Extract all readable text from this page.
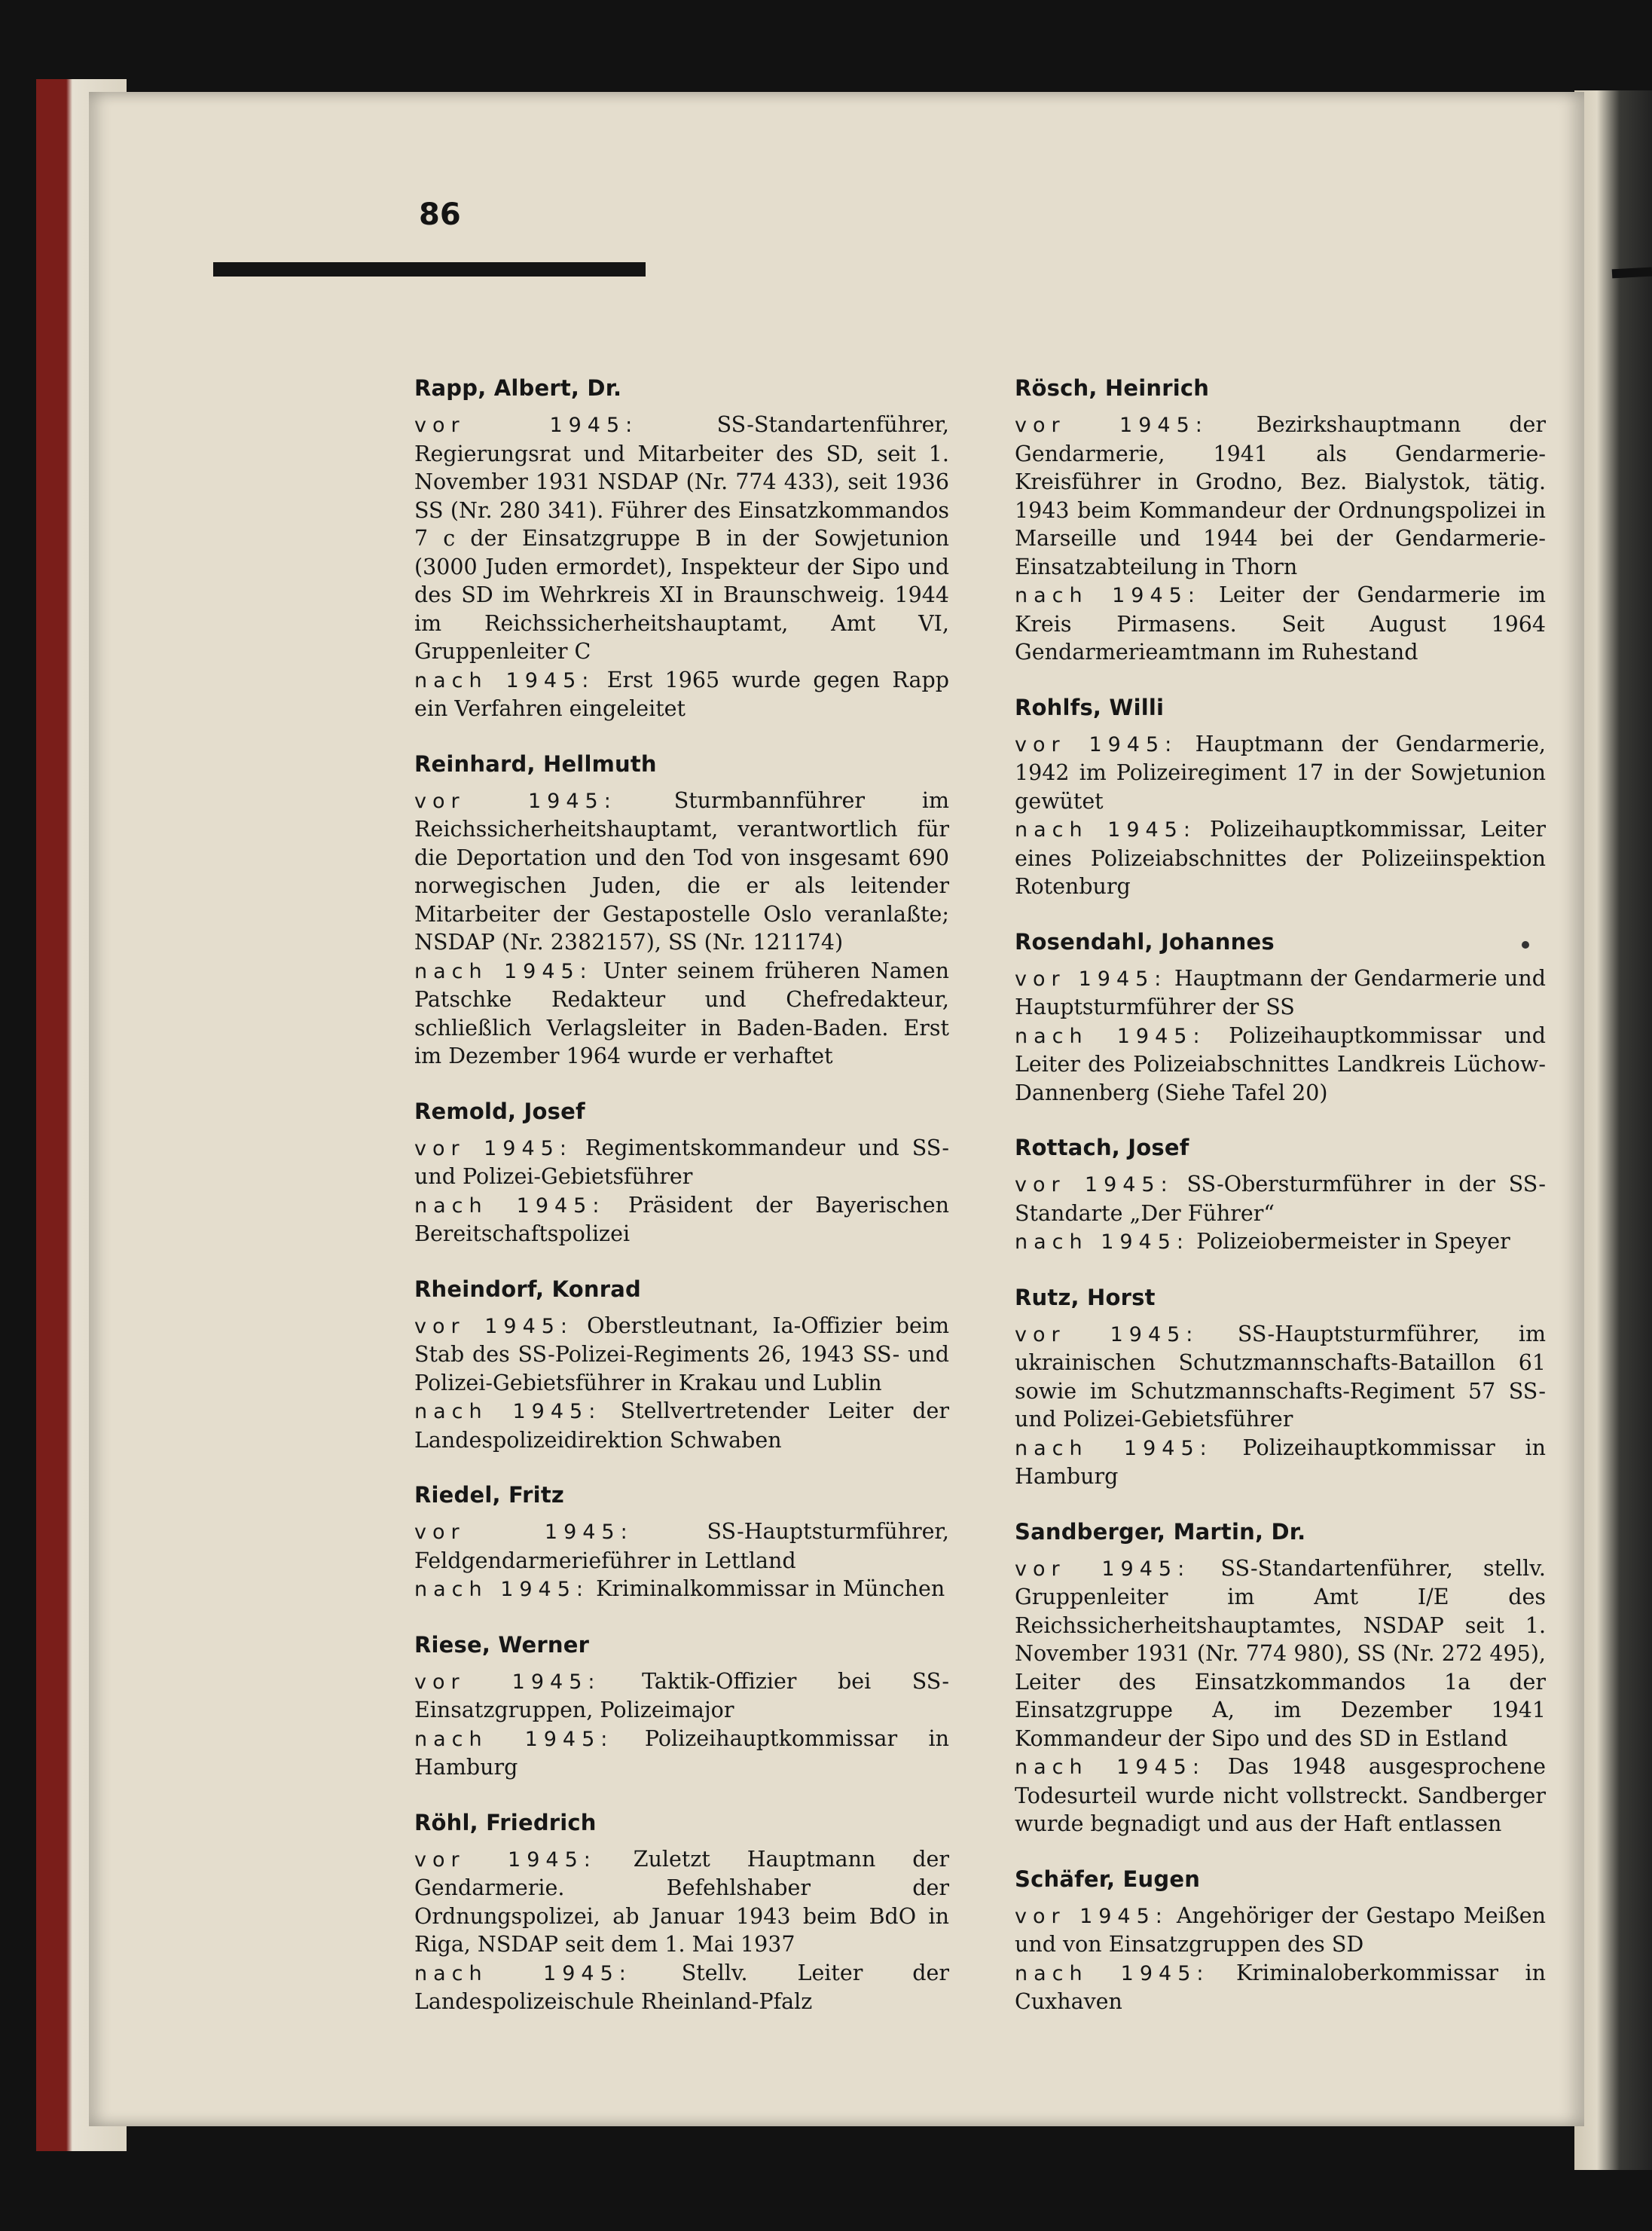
86
Rapp, Albert, Dr.

vor 1945:	SS-Standartenführer, Regierungsrat und Mitarbeiter des SD, seit 1. November 1931 NSDAP (Nr. 774 433), seit 1936 SS (Nr. 280 341). Führer des Einsatzkommandos 7 c der Einsatzgruppe B in der Sowjetunion (3000 Juden ermordet), Inspekteur der Sipo und des SD im Wehrkreis XI in Braunschweig. 1944 im Reichssicherheitshauptamt, Amt VI, Gruppenleiter C

nach 1945: Erst 1965 wurde gegen Rapp ein Verfahren eingeleitet

Reinhard, Hellmuth

vor 1945:	Sturmbannführer im Reichssicherheitshauptamt, verantwortlich für die Deportation und den Tod von insgesamt 690 norwegischen Juden, die er als leitender Mitarbeiter der Gestapostelle Oslo veranlaßte; NSDAP (Nr. 2382157), SS (Nr. 121174)

nach 1945: Unter seinem früheren Namen Patschke Redakteur und Chefredakteur, schließlich Verlagsleiter in Baden-Baden. Erst im Dezember 1964 wurde er verhaftet

Remold, Josef

vor 1945: Regimentskommandeur und SS- und Polizei-Gebietsführer

nach 1945: Präsident der Bayerischen Bereitschaftspolizei

Rheindorf, Konrad

vor 1945: Oberstleutnant, Ia-Offizier beim Stab des SS-Polizei-Regiments 26, 1943 SS- und Polizei-Gebietsführer in Krakau und Lublin

nach 1945: Stellvertretender Leiter der Landespolizeidirektion Schwaben

Riedel, Fritz

vor 1945:	SS-Hauptsturmführer, Feldgendarmerieführer in Lettland

nach 1945: Kriminalkommissar in München

Riese, Werner

vor 1945: Taktik-Offizier bei SS-Einsatzgruppen, Polizeimajor

nach 1945: Polizeihauptkommissar in Hamburg

Röhl, Friedrich

vor 1945: Zuletzt Hauptmann der Gendarmerie. Befehlshaber der Ordnungspolizei, ab Januar 1943 beim BdO in Riga, NSDAP seit dem 1. Mai 1937

nach 1945: Stellv. Leiter der Landespolizeischule Rheinland-Pfalz

Rösch, Heinrich

vor 1945: Bezirkshauptmann der Gendarmerie, 1941 als Gendarmerie-Kreisführer in Grodno, Bez. Bialystok, tätig. 1943 beim Kommandeur der Ordnungspolizei in Marseille und 1944 bei der Gendarmerie-Einsatzabteilung in Thorn

nach 1945: Leiter der Gendarmerie im Kreis Pirmasens. Seit August 1964 Gendarmerieamtmann im Ruhestand

Rohlfs, Willi

vor 1945: Hauptmann der Gendarmerie, 1942 im Polizeiregiment 17 in der Sowjetunion gewütet

nach 1945: Polizeihauptkommissar, Leiter eines Polizeiabschnittes der Polizeiinspektion Rotenburg

Rosendahl, Johannes

vor 1945: Hauptmann der Gendarmerie und Hauptsturmführer der SS

nach 1945: Polizeihauptkommissar und Leiter des Polizeiabschnittes Landkreis Lüchow-Dannenberg (Siehe Tafel 20)

Rottach, Josef

vor 1945: SS-Obersturmführer in der SS-Standarte „Der Führer“

nach 1945: Polizeiobermeister in Speyer

Rutz, Horst

vor 1945: SS-Hauptsturmführer, im ukrainischen Schutzmannschafts-Bataillon 61 sowie im Schutzmannschafts-Regiment 57 SS- und Polizei-Gebietsführer

nach 1945: Polizeihauptkommissar in Hamburg

Sandberger, Martin, Dr.

vor 1945: SS-Standartenführer, stellv. Gruppenleiter im Amt I/E des Reichssicherheitshauptamtes, NSDAP seit 1. November 1931 (Nr. 774 980), SS (Nr. 272 495), Leiter des Einsatzkommandos 1a der Einsatzgruppe A, im Dezember 1941 Kommandeur der Sipo und des SD in Estland

nach 1945: Das 1948 ausgesprochene Todesurteil wurde nicht vollstreckt. Sandberger wurde begnadigt und aus der Haft entlassen

Schäfer, Eugen

vor 1945: Angehöriger der Gestapo Meißen und von Einsatzgruppen des SD

nach 1945: Kriminaloberkommissar in Cuxhaven
